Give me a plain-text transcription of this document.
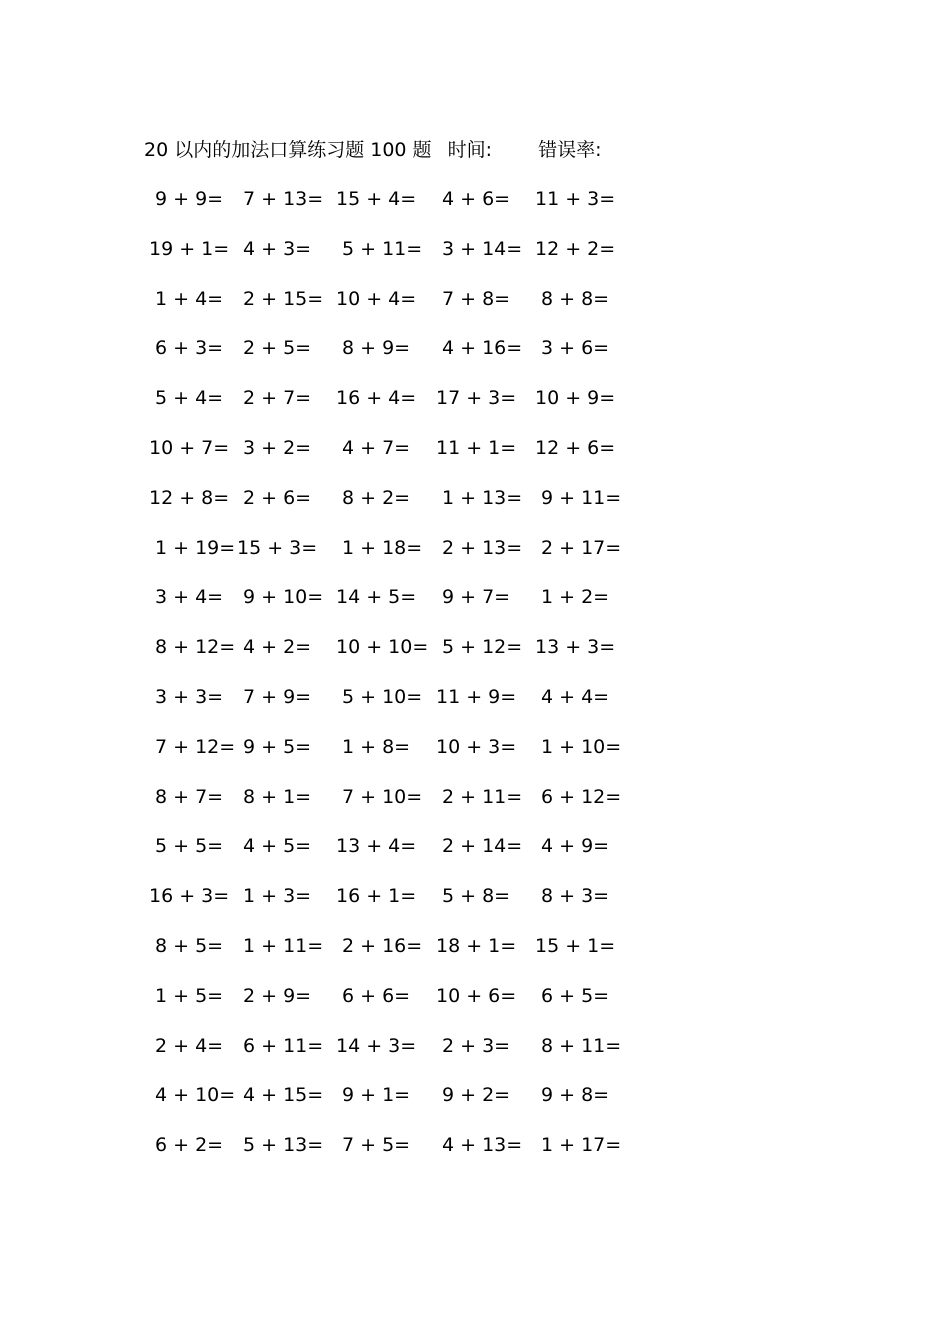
20 以内的加法口算练习题 100 题 时间: 错误率:
9 + 9= 7 + 13= 15 + 4= 4 + 6= 11 + 3=
19 + 1= 4 + 3= 5 + 11= 3 + 14= 12 + 2=
1 + 4= 2 + 15= 10 + 4= 7 + 8= 8 + 8=
6 + 3= 2 + 5= 8 + 9= 4 + 16= 3 + 6=
5 + 4= 2 + 7= 16 + 4= 17 + 3= 10 + 9=
10 + 7= 3 + 2= 4 + 7= 11 + 1= 12 + 6=
12 + 8= 2 + 6= 8 + 2= 1 + 13= 9 + 11=
1 + 19= 15 + 3= 1 + 18= 2 + 13= 2 + 17=
3 + 4= 9 + 10= 14 + 5= 9 + 7= 1 + 2=
8 + 12= 4 + 2= 10 + 10= 5 + 12= 13 + 3=
3 + 3= 7 + 9= 5 + 10= 11 + 9= 4 + 4=
7 + 12= 9 + 5= 1 + 8= 10 + 3= 1 + 10=
8 + 7= 8 + 1= 7 + 10= 2 + 11= 6 + 12=
5 + 5= 4 + 5= 13 + 4= 2 + 14= 4 + 9=
16 + 3= 1 + 3= 16 + 1= 5 + 8= 8 + 3=
8 + 5= 1 + 11= 2 + 16= 18 + 1= 15 + 1=
1 + 5= 2 + 9= 6 + 6= 10 + 6= 6 + 5=
2 + 4= 6 + 11= 14 + 3= 2 + 3= 8 + 11=
4 + 10= 4 + 15= 9 + 1= 9 + 2= 9 + 8=
6 + 2= 5 + 13= 7 + 5= 4 + 13= 1 + 17=
